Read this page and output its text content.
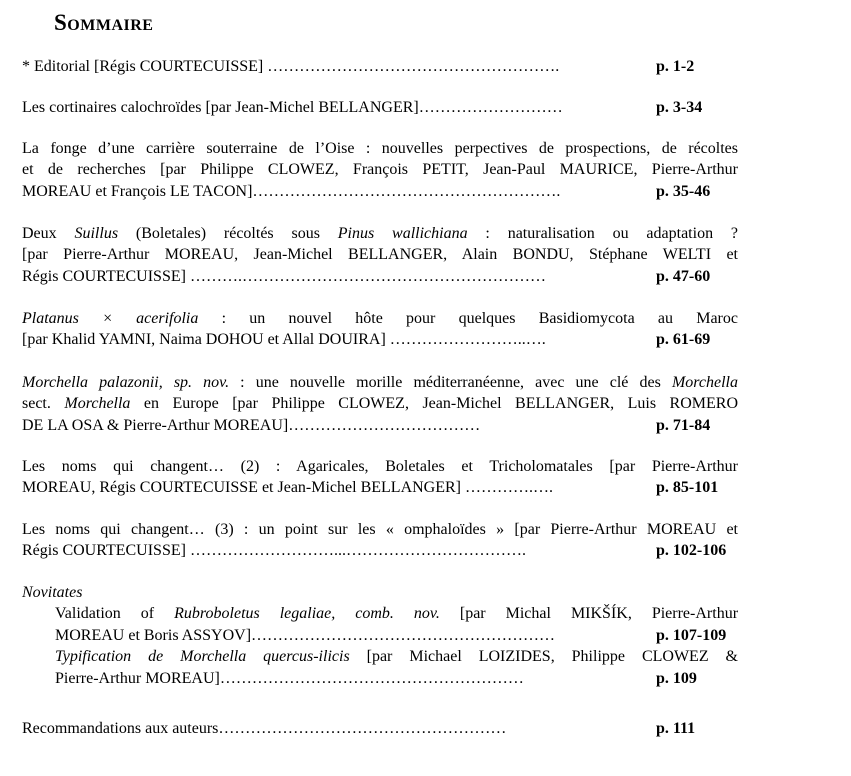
Sommaire
* Editorial [Régis COURTECUISSE] ……………………………………………….	p. 1-2
Les cortinaires calochroïdes [par Jean-Michel BELLANGER]………………………	p. 3-34
La fonge d’une carrière souterraine de l’Oise : nouvelles perpectives de prospections, de récoltes
et de recherches [par Philippe CLOWEZ, François PETIT, Jean-Paul MAURICE, Pierre-Arthur
MOREAU et François LE TACON]………………………………………………….	p. 35-46
Deux Suillus (Boletales) récoltés sous Pinus wallichiana : naturalisation ou adaptation ?
[par Pierre-Arthur MOREAU, Jean-Michel BELLANGER, Alain BONDU, Stéphane WELTI et
Régis COURTECUISSE] ……….…………………………………………………	p. 47-60
Platanus × acerifolia : un nouvel hôte pour quelques Basidiomycota au Maroc
[par Khalid YAMNI, Naima DOHOU et Allal DOUIRA] ……………………..….	p. 61-69
Morchella palazonii, sp. nov. : une nouvelle morille méditerranéenne, avec une clé des Morchella
sect. Morchella en Europe [par Philippe CLOWEZ, Jean-Michel BELLANGER, Luis ROMERO
DE LA OSA & Pierre-Arthur MOREAU]………………………………	p. 71-84
Les noms qui changent… (2) : Agaricales, Boletales et Tricholomatales [par Pierre-Arthur
MOREAU, Régis COURTECUISSE et Jean-Michel BELLANGER] ………….….	p. 85-101
Les noms qui changent… (3) : un point sur les « omphaloïdes » [par Pierre-Arthur MOREAU et
Régis COURTECUISSE] ………………………...…………………………….	p. 102-106
Novitates
Validation of Rubroboletus legaliae, comb. nov. [par Michal MIKŠÍK, Pierre-Arthur
MOREAU et Boris ASSYOV]…………………………………………………	p. 107-109
Typification de Morchella quercus-ilicis [par Michael LOIZIDES, Philippe CLOWEZ &
Pierre-Arthur MOREAU]…………………………………………………	p. 109
Recommandations aux auteurs………………………………………………	p. 111
